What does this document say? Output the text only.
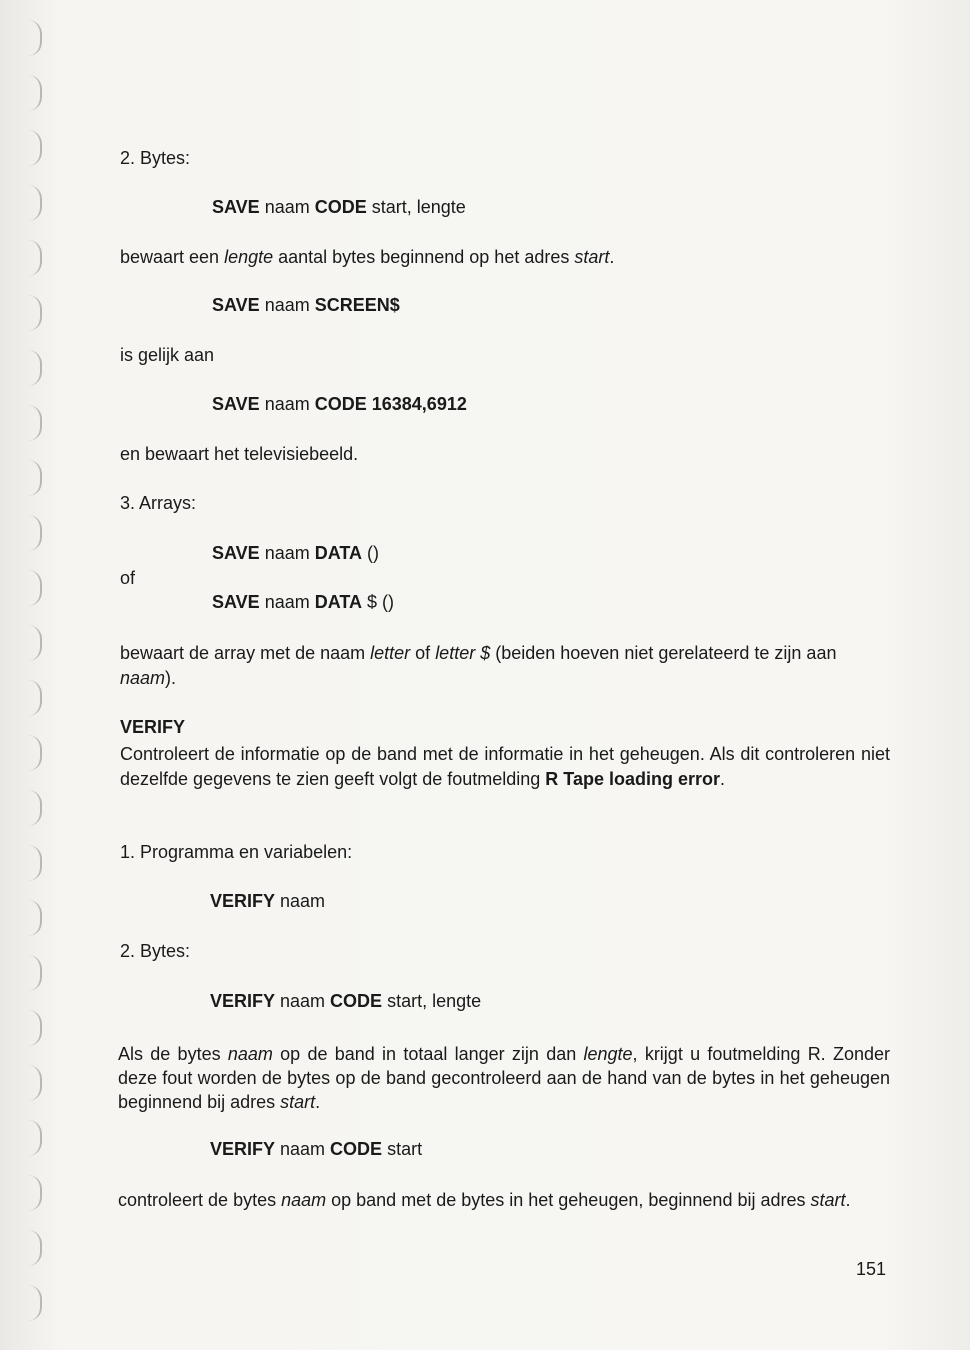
2. Bytes:
SAVE naam CODE start, lengte
bewaart een lengte aantal bytes beginnend op het adres start.
SAVE naam SCREEN$
is gelijk aan
SAVE naam CODE 16384,6912
en bewaart het televisiebeeld.
3. Arrays:
SAVE naam DATA ()
of
SAVE naam DATA $ ()
bewaart de array met de naam letter of letter $ (beiden hoeven niet gerelateerd te zijn aan naam).
VERIFY
Controleert de informatie op de band met de informatie in het geheugen. Als dit controleren niet dezelfde gegevens te zien geeft volgt de foutmelding R Tape loading error.
1. Programma en variabelen:
VERIFY naam
2. Bytes:
VERIFY naam CODE start, lengte
Als de bytes naam op de band in totaal langer zijn dan lengte, krijgt u foutmelding R. Zonder deze fout worden de bytes op de band gecontroleerd aan de hand van de bytes in het geheugen beginnend bij adres start.
VERIFY naam CODE start
controleert de bytes naam op band met de bytes in het geheugen, beginnend bij adres start.
151
